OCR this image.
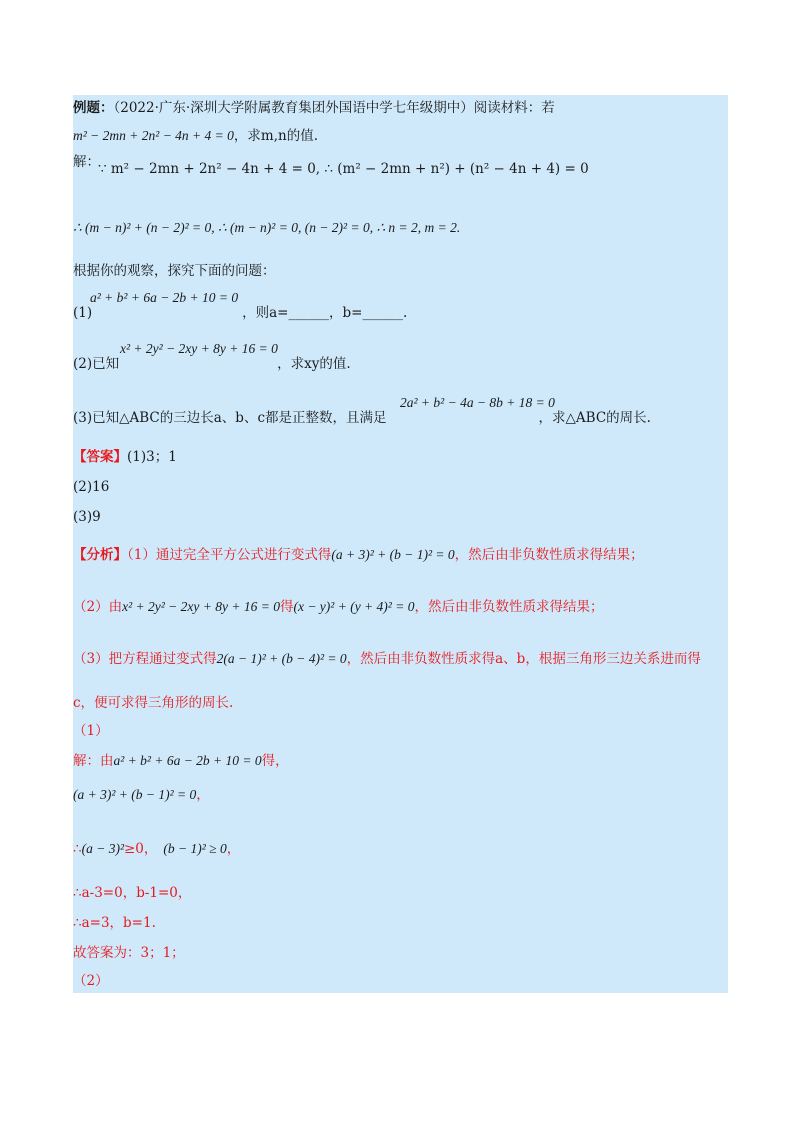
例题：（2022·广东·深圳大学附属教育集团外国语中学七年级期中）阅读材料：若
m² − 2mn + 2n² − 4n + 4 = 0，求m,n的值.
解：
∵ m² − 2mn + 2n² − 4n + 4 = 0, ∴ (m² − 2mn + n²) + (n² − 4n + 4) = 0
∴ (m − n)² + (n − 2)² = 0, ∴ (m − n)² = 0, (n − 2)² = 0, ∴ n = 2, m = 2.
根据你的观察，探究下面的问题：
a² + b² + 6a − 2b + 10 = 0
(1)	，则a=______，b=______.
x² + 2y² − 2xy + 8y + 16 = 0
(2)已知	，求xy的值.
2a² + b² − 4a − 8b + 18 = 0
(3)已知△ABC的三边长a、b、c都是正整数，且满足	，求△ABC的周长.
【答案】(1)3；1
(2)16
(3)9
【分析】（1）通过完全平方公式进行变式得(a + 3)² + (b − 1)² = 0，然后由非负数性质求得结果；
（2）由x² + 2y² − 2xy + 8y + 16 = 0得(x − y)² + (y + 4)² = 0，然后由非负数性质求得结果；
（3）把方程通过变式得2(a − 1)² + (b − 4)² = 0，然后由非负数性质求得a、b，根据三角形三边关系进而得
c，便可求得三角形的周长.
（1）
解：由a² + b² + 6a − 2b + 10 = 0得，
(a + 3)² + (b − 1)² = 0，
∴(a − 3)²≥0， (b − 1)² ≥ 0，
∴a-3=0，b-1=0，
∴a=3，b=1.
故答案为：3；1；
（2）
